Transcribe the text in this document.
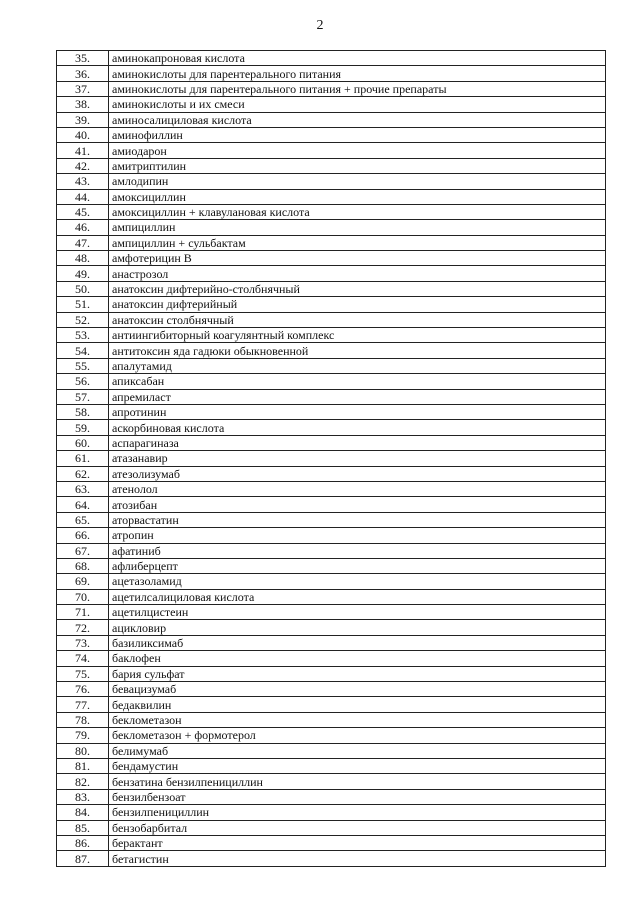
2
35.	аминокапроновая кислота
36.	аминокислоты для парентерального питания
37.	аминокислоты для парентерального питания + прочие препараты
38.	аминокислоты и их смеси
39.	аминосалициловая кислота
40.	аминофиллин
41.	амиодарон
42.	амитриптилин
43.	амлодипин
44.	амоксициллин
45.	амоксициллин + клавулановая кислота
46.	ампициллин
47.	ампициллин + сульбактам
48.	амфотерицин В
49.	анастрозол
50.	анатоксин дифтерийно-столбнячный
51.	анатоксин дифтерийный
52.	анатоксин столбнячный
53.	антиингибиторный коагулянтный комплекс
54.	антитоксин яда гадюки обыкновенной
55.	апалутамид
56.	апиксабан
57.	апремиласт
58.	апротинин
59.	аскорбиновая кислота
60.	аспарагиназа
61.	атазанавир
62.	атезолизумаб
63.	атенолол
64.	атозибан
65.	аторвастатин
66.	атропин
67.	афатиниб
68.	афлиберцепт
69.	ацетазоламид
70.	ацетилсалициловая кислота
71.	ацетилцистеин
72.	ацикловир
73.	базиликсимаб
74.	баклофен
75.	бария сульфат
76.	бевацизумаб
77.	бедаквилин
78.	беклометазон
79.	беклометазон + формотерол
80.	белимумаб
81.	бендамустин
82.	бензатина бензилпенициллин
83.	бензилбензоат
84.	бензилпенициллин
85.	бензобарбитал
86.	берактант
87.	бетагистин
